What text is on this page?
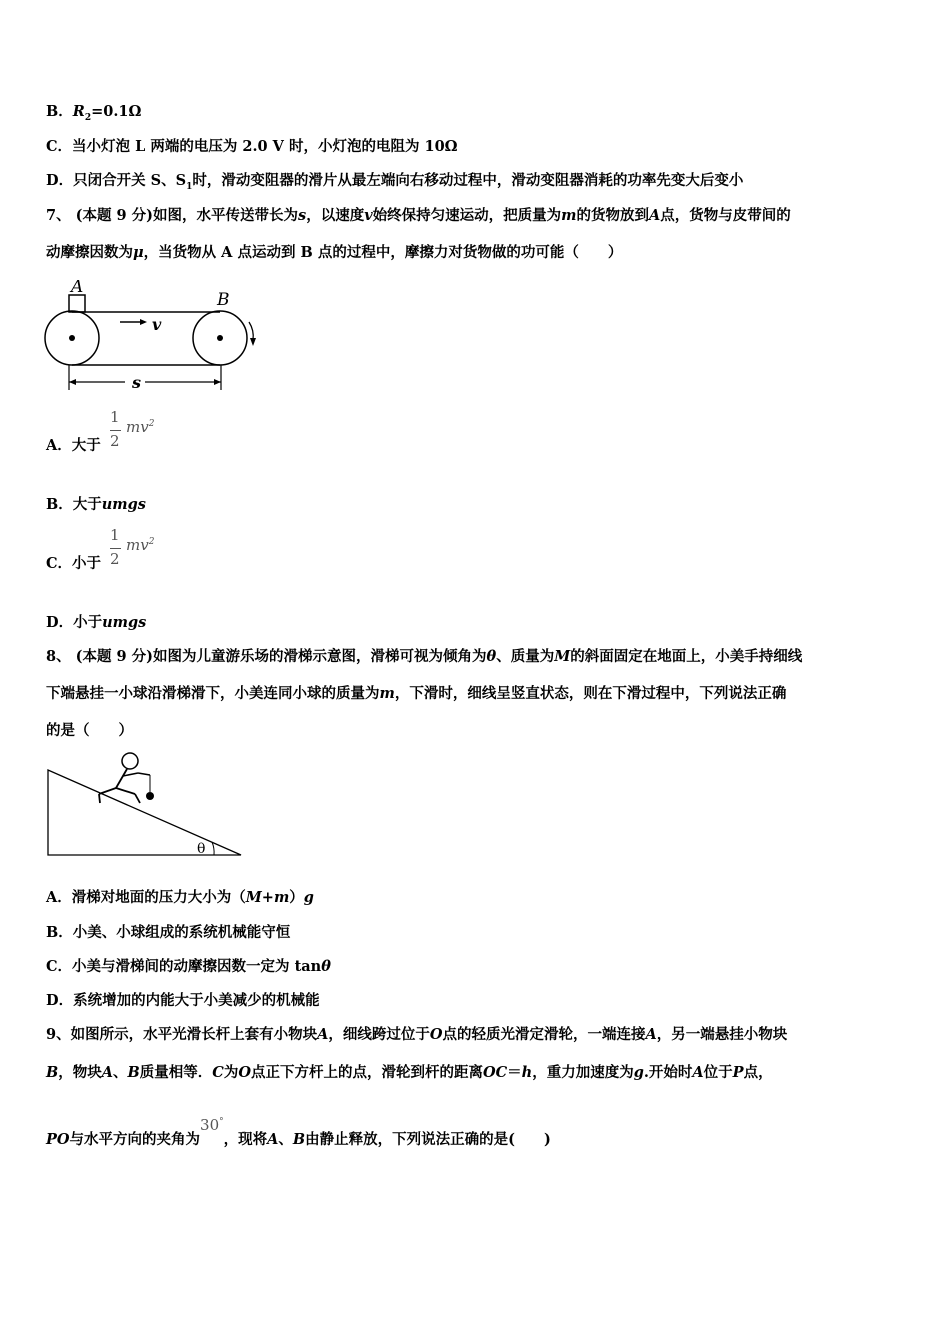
B．$R_2=0.1\Omega$
C．当小灯泡 L 两端的电压为 2.0 V 时，小灯泡的电阻为 10Ω
D．只闭合开关 S、$S_1$时，滑动变阻器的滑片从最左端向右移动过程中，滑动变阻器消耗的功率先变大后变小
7、 (本题 9 分)如图，水平传送带长为s，以速度v始终保持匀速运动，把质量为m的货物放到A点，货物与皮带间的
动摩擦因数为μ，当货物从 A 点运动到 B 点的过程中，摩擦力对货物做的功可能（　　）
A
B
v
s
A．大于
1
2
$mv^2$
B．大于umgs
C．小于
1
2
$mv^2$
D．小于umgs
8、 (本题 9 分)如图为儿童游乐场的滑梯示意图，滑梯可视为倾角为θ、质量为M的斜面固定在地面上，小美手持细线
下端悬挂一小球沿滑梯滑下，小美连同小球的质量为m，下滑时，细线呈竖直状态，则在下滑过程中，下列说法正确
的是（　　）
θ
A．滑梯对地面的压力大小为（M+m）g
B．小美、小球组成的系统机械能守恒
C．小美与滑梯间的动摩擦因数一定为 tanθ
D．系统增加的内能大于小美减少的机械能
9、如图所示，水平光滑长杆上套有小物块A，细线跨过位于O点的轻质光滑定滑轮，一端连接A，另一端悬挂小物块
B，物块A、B质量相等．C为O点正下方杆上的点，滑轮到杆的距离OC＝h，重力加速度为g.开始时A位于P点，
PO与水平方向的夹角为30°，现将A、B由静止释放，下列说法正确的是(　　)
